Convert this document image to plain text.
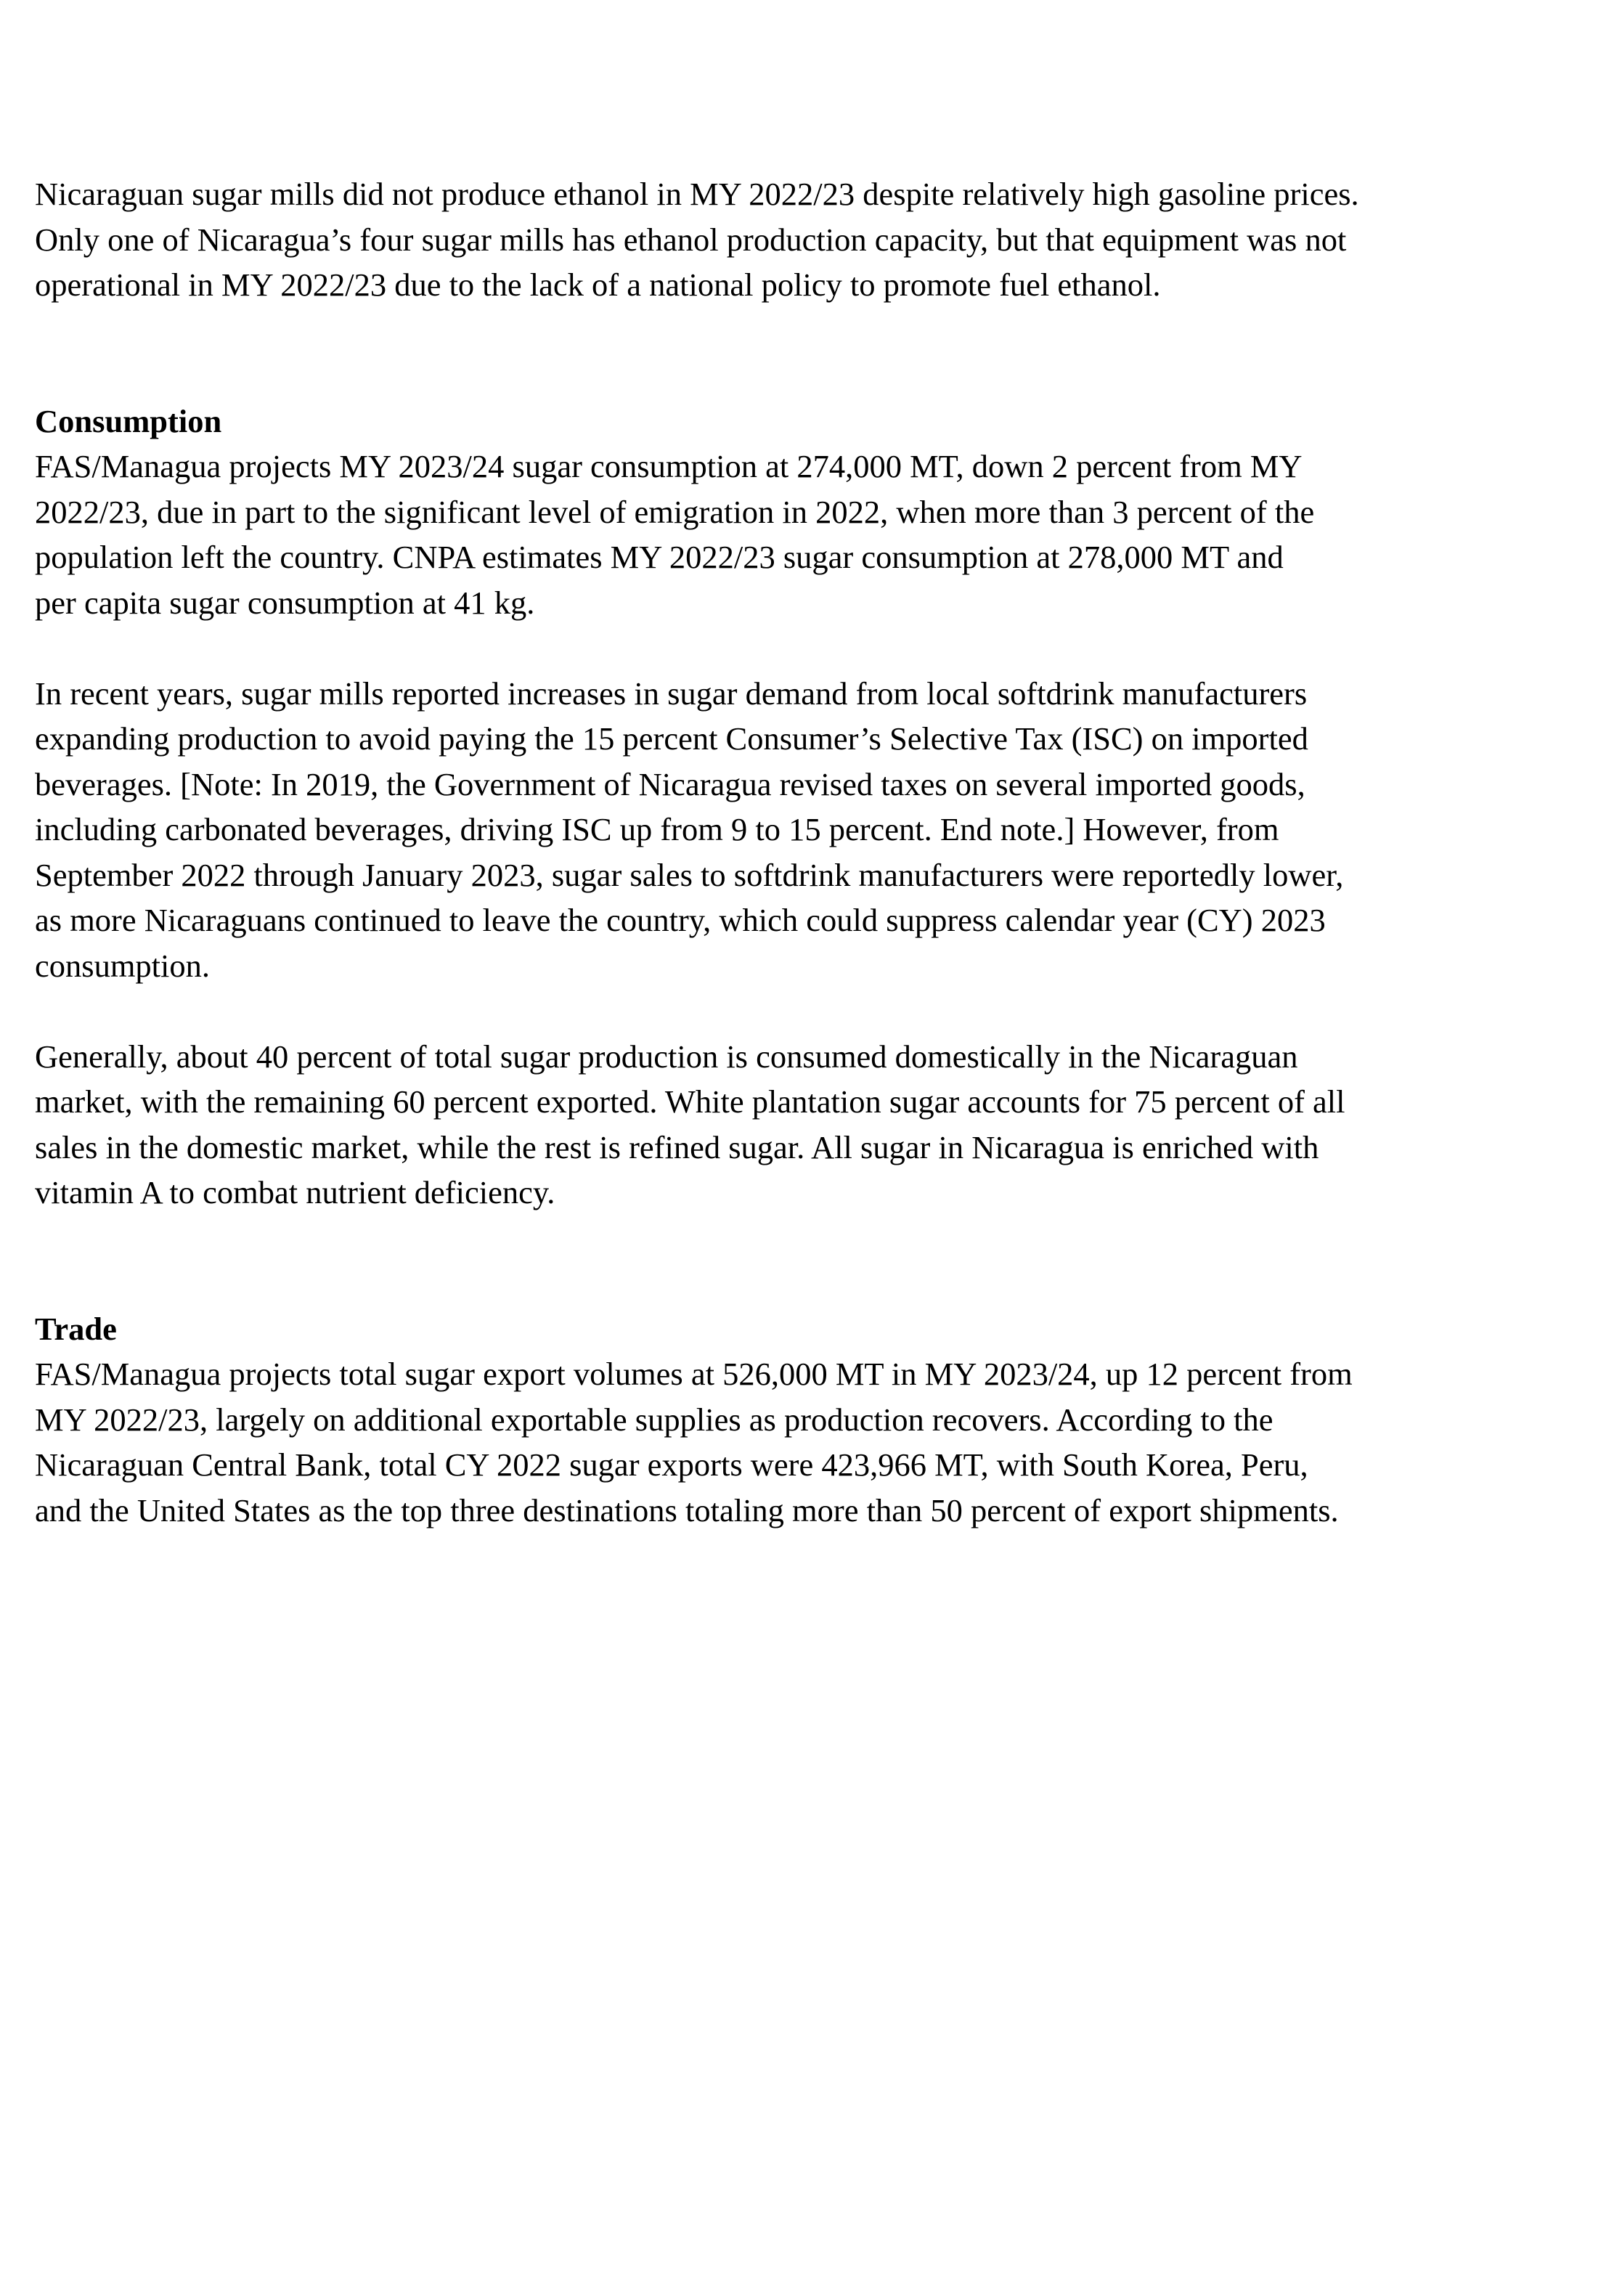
Nicaraguan sugar mills did not produce ethanol in MY 2022/23 despite relatively high gasoline prices.
Only one of Nicaragua’s four sugar mills has ethanol production capacity, but that equipment was not
operational in MY 2022/23 due to the lack of a national policy to promote fuel ethanol.

Consumption

FAS/Managua projects MY 2023/24 sugar consumption at 274,000 MT, down 2 percent from MY
2022/23, due in part to the significant level of emigration in 2022, when more than 3 percent of the
population left the country. CNPA estimates MY 2022/23 sugar consumption at 278,000 MT and
per capita sugar consumption at 41 kg.

In recent years, sugar mills reported increases in sugar demand from local softdrink manufacturers
expanding production to avoid paying the 15 percent Consumer’s Selective Tax (ISC) on imported
beverages. [Note: In 2019, the Government of Nicaragua revised taxes on several imported goods,
including carbonated beverages, driving ISC up from 9 to 15 percent. End note.] However, from
September 2022 through January 2023, sugar sales to softdrink manufacturers were reportedly lower,
as more Nicaraguans continued to leave the country, which could suppress calendar year (CY) 2023
consumption.

Generally, about 40 percent of total sugar production is consumed domestically in the Nicaraguan
market, with the remaining 60 percent exported. White plantation sugar accounts for 75 percent of all
sales in the domestic market, while the rest is refined sugar. All sugar in Nicaragua is enriched with
vitamin A to combat nutrient deficiency.

Trade

FAS/Managua projects total sugar export volumes at 526,000 MT in MY 2023/24, up 12 percent from
MY 2022/23, largely on additional exportable supplies as production recovers. According to the
Nicaraguan Central Bank, total CY 2022 sugar exports were 423,966 MT, with South Korea, Peru,
and the United States as the top three destinations totaling more than 50 percent of export shipments.
